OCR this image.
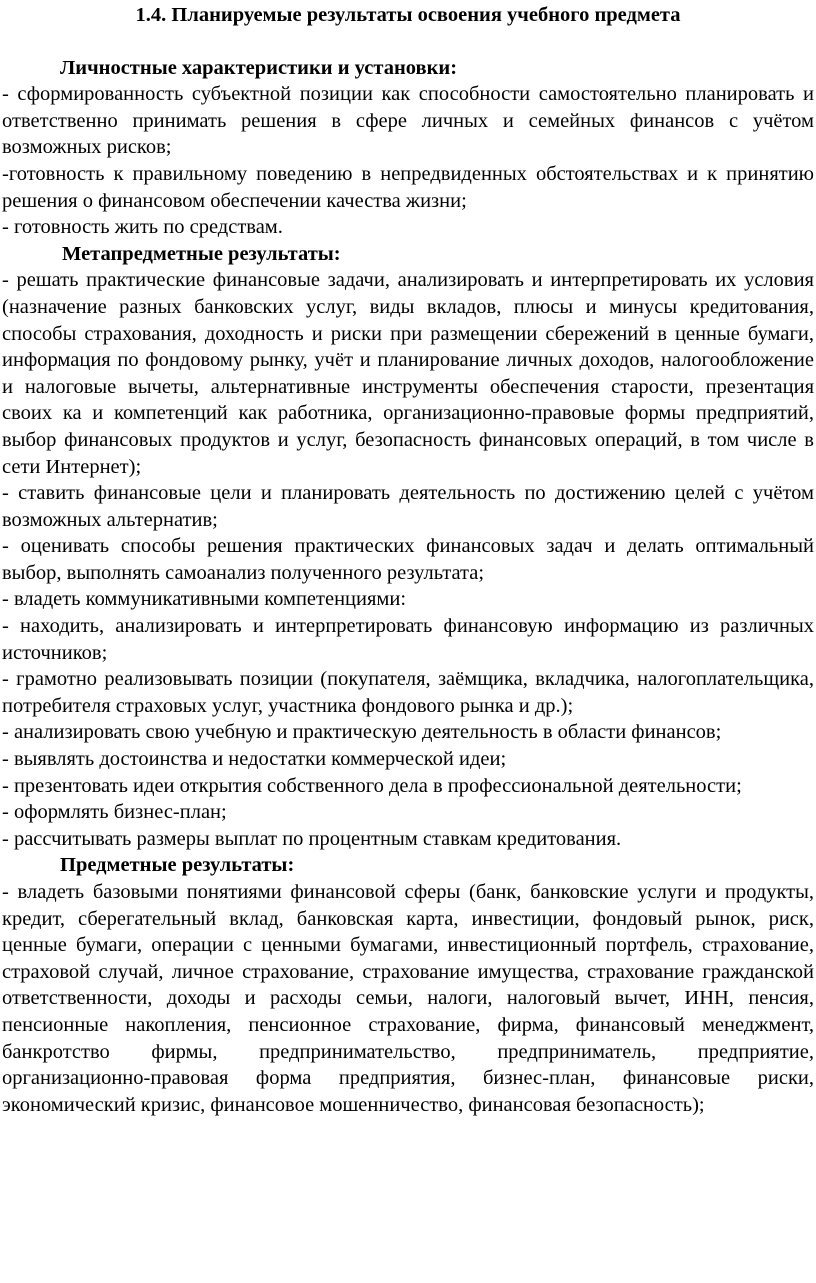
1.4. Планируемые результаты освоения учебного предмета

Личностные характеристики и установки:

- сформированность субъектной позиции как способности самостоятельно планировать и ответственно принимать решения в сфере личных и семейных финансов с учётом возможных рисков;

-готовность к правильному поведению в непредвиденных обстоятельствах и к принятию решения о финансовом обеспечении качества жизни;

- готовность жить по средствам.

Метапредметные результаты:

- решать практические финансовые задачи, анализировать и интерпретировать их условия (назначение разных банковских услуг, виды вкладов, плюсы и минусы кредитования, способы страхования, доходность и риски при размещении сбережений в ценные бумаги, информация по фондовому рынку, учёт и планирование личных доходов, налогообложение и налоговые вычеты, альтернативные инструменты обеспечения старости, презентация своих ка и компетенций как работника, организационно-правовые формы предприятий, выбор финансовых продуктов и услуг, безопасность финансовых операций, в том числе в сети Интернет);

- ставить финансовые цели и планировать деятельность по достижению целей с учётом возможных альтернатив;

- оценивать способы решения практических финансовых задач и делать оптимальный выбор, выполнять самоанализ полученного результата;

- владеть коммуникативными компетенциями:

- находить, анализировать и интерпретировать финансовую информацию из различных источников;

- грамотно реализовывать позиции (покупателя, заёмщика, вкладчика, налогоплательщика, потребителя страховых услуг, участника фондового рынка и др.);

- анализировать свою учебную и практическую деятельность в области финансов;

- выявлять достоинства и недостатки коммерческой идеи;

- презентовать идеи открытия собственного дела в профессиональной деятельности;

- оформлять бизнес-план;

- рассчитывать размеры выплат по процентным ставкам кредитования.

Предметные результаты:

- владеть базовыми понятиями финансовой сферы (банк, банковские услуги и продукты, кредит, сберегательный вклад, банковская карта, инвестиции, фондовый рынок, риск, ценные бумаги, операции с ценными бумагами, инвестиционный портфель, страхование, страховой случай, личное страхование, страхование имущества, страхование гражданской ответственности, доходы и расходы семьи, налоги, налоговый вычет, ИНН, пенсия, пенсионные накопления, пенсионное страхование, фирма, финансовый менеджмент, банкротство фирмы, предпринимательство, предприниматель, предприятие, организационно-правовая форма предприятия, бизнес-план, финансовые риски, экономический кризис, финансовое мошенничество, финансовая безопасность);
